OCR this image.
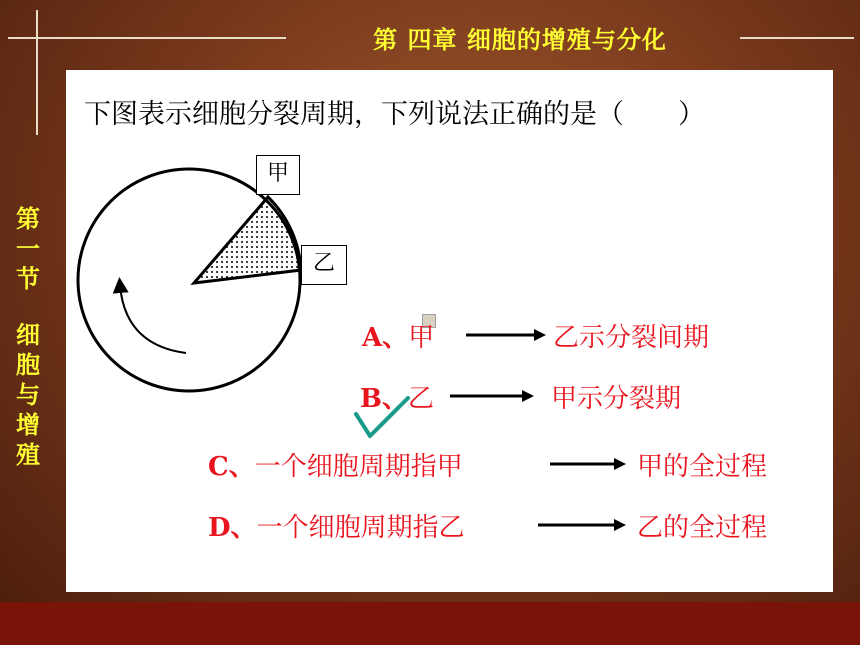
第 四章 细胞的增殖与分化
第
一
节
细
胞
与
增
殖
下图表示细胞分裂周期，下列说法正确的是（　　）
甲
乙
A、甲	乙示分裂间期
B、乙	甲示分裂期
C、一个细胞周期指甲	甲的全过程
D、一个细胞周期指乙	乙的全过程
